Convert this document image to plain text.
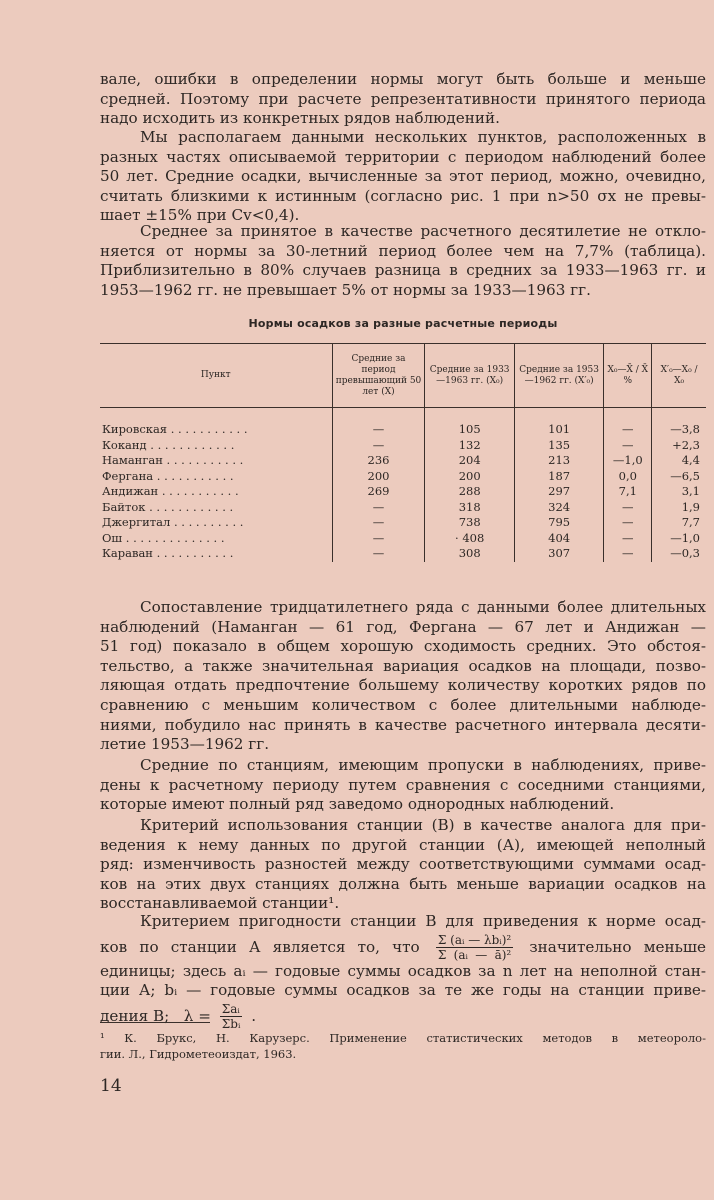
вале, ошибки в определении нормы могут быть больше и меньше
средней. Поэтому при расчете репрезентативности принятого периода
надо исходить из конкретных рядов наблюдений.
Мы располагаем данными нескольких пунктов, расположенных в
разных частях описываемой территории с периодом наблюдений более
50 лет. Средние осадки, вычисленные за этот период, можно, очевидно,
считать близкими к истинным (согласно рис. 1 при n>50 σx не превы-
шает ±15% при Cv<0,4).
Среднее за принятое в качестве расчетного десятилетие не откло-
няется от нормы за 30-летний период более чем на 7,7% (таблица).
Приблизительно в 80% случаев разница в средних за 1933—1963 гг. и
1953—1962 гг. не превышает 5% от нормы за 1933—1963 гг.
Нормы осадков за разные расчетные периоды
Пункт	Средние за период превышающий 50 лет (X)	Средние за 1933—1963 гг. (X₀)	Средние за 1953—1962 гг. (X′₀)	X₀—X̄ / X̄ %	X′₀—X₀ / X₀
Кировская . . . . . . . . . . .	—	105	101	—	—3,8
Коканд . . . . . . . . . . . .	—	132	135	—	+2,3
Наманган . . . . . . . . . . .	236	204	213	—1,0	4,4
Фергана . . . . . . . . . . .	200	200	187	0,0	—6,5
Андижан . . . . . . . . . . .	269	288	297	7,1	3,1
Байток . . . . . . . . . . . .	—	318	324	—	1,9
Джергитал . . . . . . . . . .	—	738	795	—	7,7
Ош . . . . . . . . . . . . . .	—	· 408	404	—	—1,0
Караван . . . . . . . . . . .	—	308	307	—	—0,3
Сопоставление тридцатилетнего ряда с данными более длительных
наблюдений (Наманган — 61 год, Фергана — 67 лет и Андижан —
51 год) показало в общем хорошую сходимость средних. Это обстоя-
тельство, а также значительная вариация осадков на площади, позво-
ляющая отдать предпочтение большему количеству коротких рядов по
сравнению с меньшим количеством с более длительными наблюде-
ниями, побудило нас принять в качестве расчетного интервала десяти-
летие 1953—1962 гг.
Средние по станциям, имеющим пропуски в наблюдениях, приве-
дены к расчетному периоду путем сравнения с соседними станциями,
которые имеют полный ряд заведомо однородных наблюдений.
Критерий использования станции (В) в качестве аналога для при-
ведения к нему данных по другой станции (А), имеющей неполный
ряд: изменчивость разностей между соответствующими суммами осад-
ков на этих двух станциях должна быть меньше вариации осадков на
восстанавливаемой станции¹.
Критерием пригодности станции В для приведения к норме осад-
ков по станции А является то, что $\frac{\text{Σ (aᵢ — λbᵢ)²}}{\text{Σ (aᵢ — ā)²}}$ значительно меньше
единицы; здесь aᵢ — годовые суммы осадков за n лет на неполной стан-
ции А; bᵢ — годовые суммы осадков за те же годы на станции приве-
дения В; $\lambda = \frac{\text{Σaᵢ}}{\text{Σbᵢ}}$ .
¹ К. Брукс, Н. Карузерс. Применение статистических методов в метеороло-
гии. Л., Гидрометеоиздат, 1963.
14
